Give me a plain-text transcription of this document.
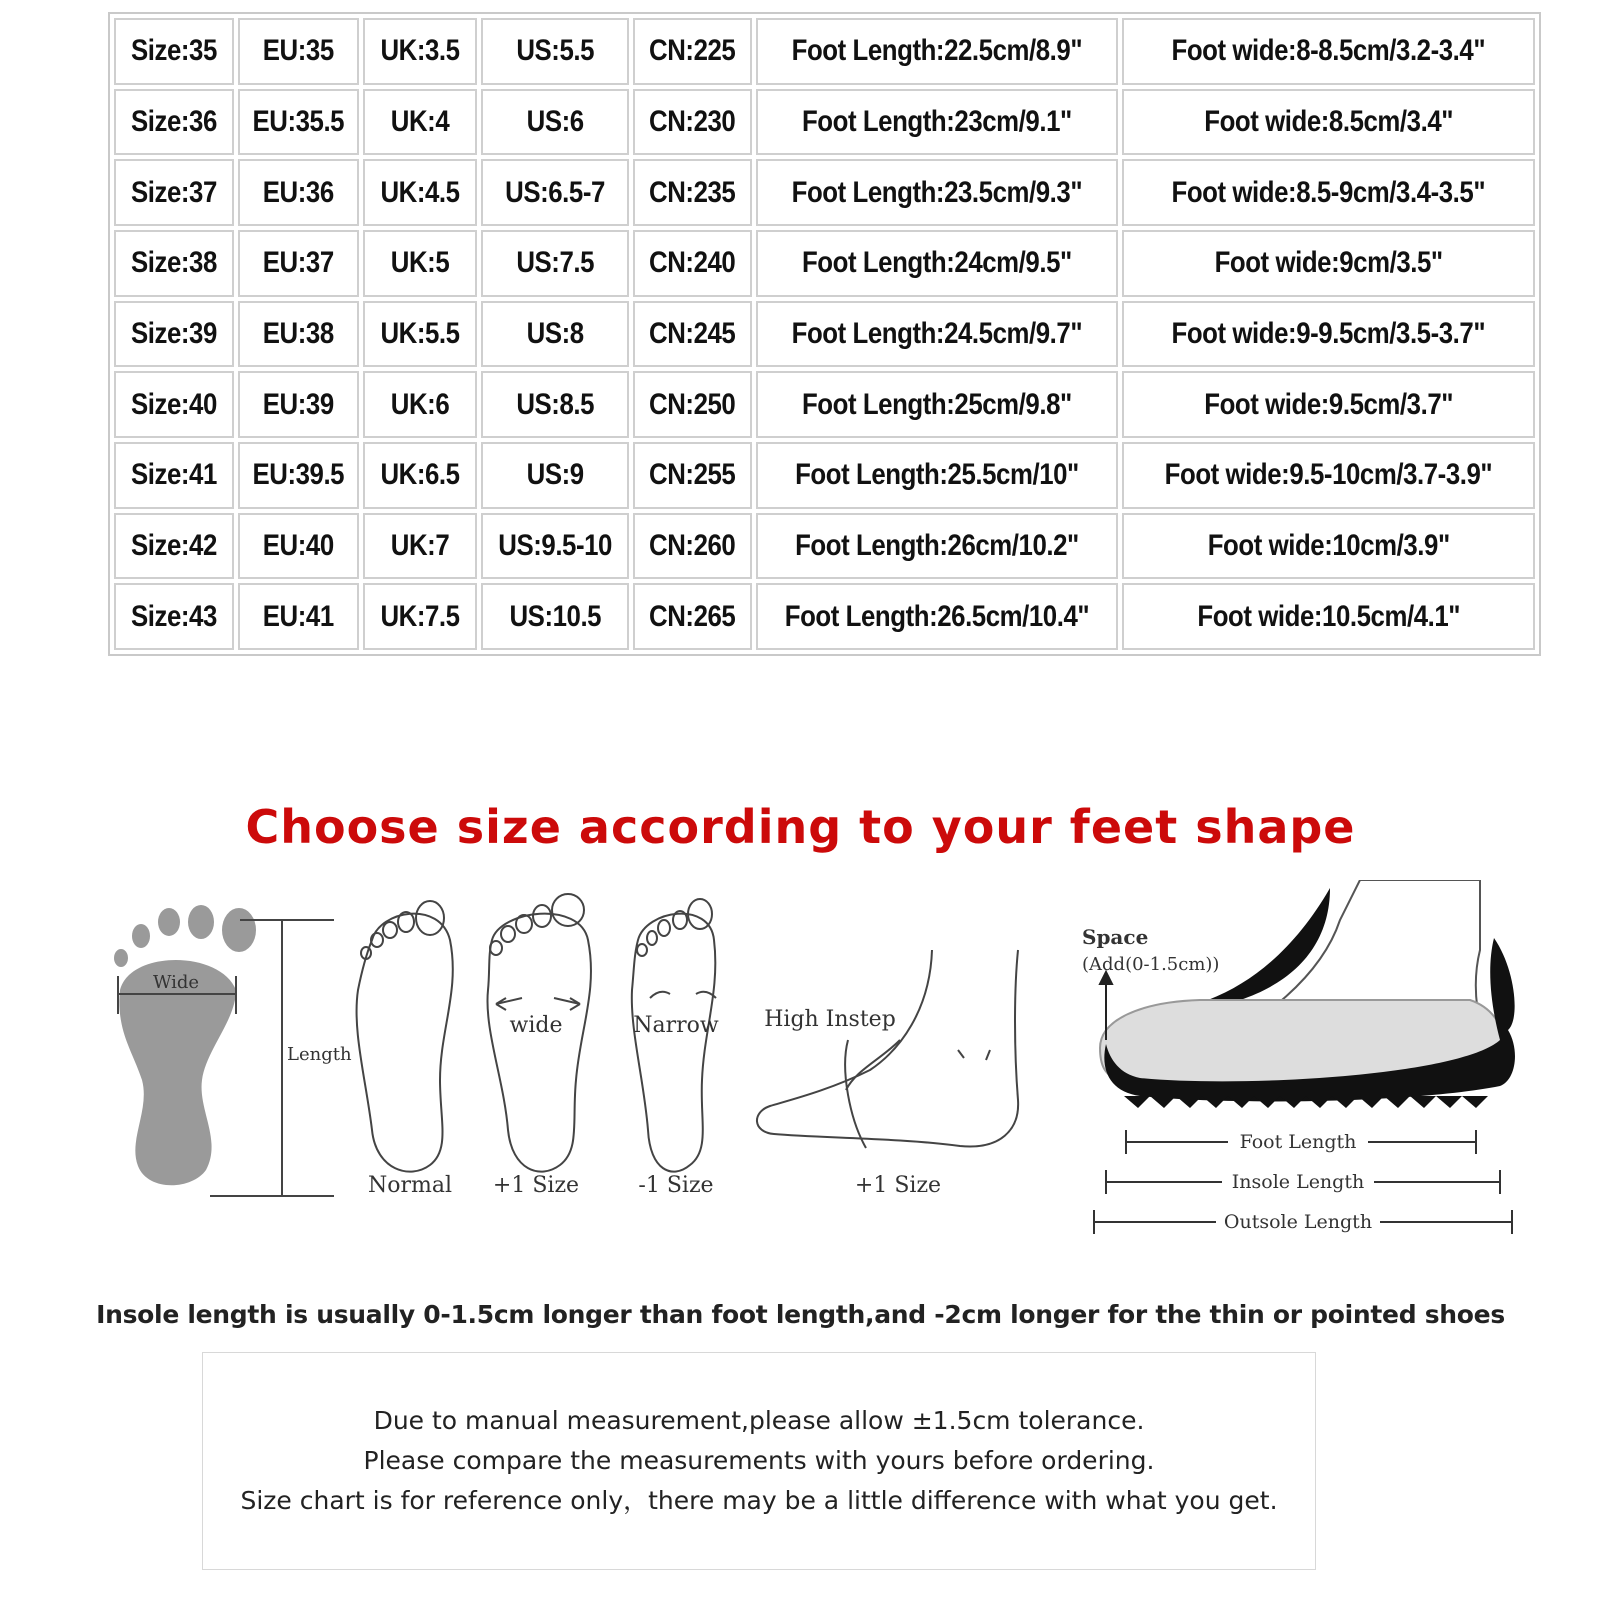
Size:35 EU:35 UK:3.5 US:5.5 CN:225 Foot Length:22.5cm/8.9"	Foot wide:8-8.5cm/3.2-3.4"
Size:36 EU:35.5 UK:4	US:6 CN:230 Foot Length:23cm/9.1"	Foot wide:8.5cm/3.4"
Size:37 EU:36 UK:4.5 US:6.5-7 CN:235 Foot Length:23.5cm/9.3"	Foot wide:8.5-9cm/3.4-3.5"
Size:38 EU:37 UK:5 US:7.5 CN:240 Foot Length:24cm/9.5"	Foot wide:9cm/3.5"
Size:39 EU:38 UK:5.5 US:8 CN:245 Foot Length:24.5cm/9.7"	Foot wide:9-9.5cm/3.5-3.7"
Size:40 EU:39 UK:6 US:8.5 CN:250 Foot Length:25cm/9.8"	Foot wide:9.5cm/3.7"
Size:41 EU:39.5 UK:6.5 US:9 CN:255 Foot Length:25.5cm/10"	Foot wide:9.5-10cm/3.7-3.9"
Size:42 EU:40 UK:7 US:9.5-10 CN:260 Foot Length:26cm/10.2"	Foot wide:10cm/3.9"
Size:43 EU:41 UK:7.5 US:10.5 CN:265 Foot Length:26.5cm/10.4"	Foot wide:10.5cm/4.1"
Choose size according to your feet shape
Wide
Length
Normal
wide
+1 Size
Narrow
-1 Size
High Instep
+1 Size
Space
(Add(0-1.5cm))
Foot Length
Insole Length
Outsole Length
Insole length is usually 0-1.5cm longer than foot length,and -2cm longer for the thin or pointed shoes
Due to manual measurement,please allow ±1.5cm tolerance.
Please compare the measurements with yours before ordering.
Size chart is for reference only，there may be a little difference with what you get.
